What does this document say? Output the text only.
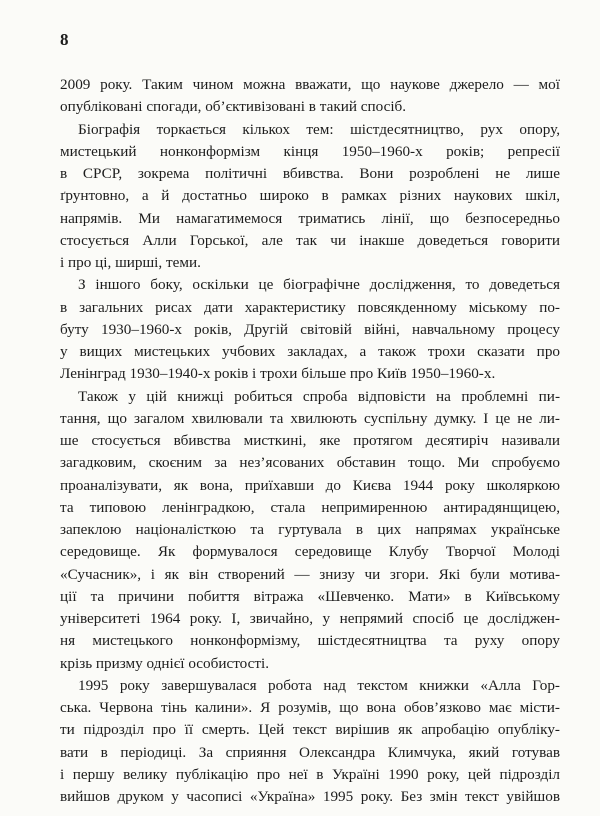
8
2009 року. Таким чином можна вважати, що наукове джерело — мої
опубліковані спогади, об’єктивізовані в такий спосіб.
Біографія торкається кількох тем: шістдесятництво, рух опору,
мистецький нонконформізм кінця 1950–1960-х років; репресії
в СРСР, зокрема політичні вбивства. Вони розроблені не лише
ґрунтовно, а й достатньо широко в рамках різних наукових шкіл,
напрямів. Ми намагатимемося триматись лінії, що безпосередньо
стосується Алли Горської, але так чи інакше доведеться говорити
і про ці, ширші, теми.
З іншого боку, оскільки це біографічне дослідження, то доведеться
в загальних рисах дати характеристику повсякденному міському по-
буту 1930–1960-х років, Другій світовій війні, навчальному процесу
у вищих мистецьких учбових закладах, а також трохи сказати про
Ленінград 1930–1940-х років і трохи більше про Київ 1950–1960-х.
Також у цій книжці робиться спроба відповісти на проблемні пи-
тання, що загалом хвилювали та хвилюють суспільну думку. І це не ли-
ше стосується вбивства мисткині, яке протягом десятиріч називали
загадковим, скоєним за нез’ясованих обставин тощо. Ми спробуємо
проаналізувати, як вона, приїхавши до Києва 1944 року школяркою
та типовою ленінградкою, стала непримиренною антирадянщицею,
запеклою націоналісткою та гуртувала в цих напрямах українське
середовище. Як формувалося середовище Клубу Творчої Молоді
«Сучасник», і як він створений — знизу чи згори. Які були мотива-
ції та причини побиття вітража «Шевченко. Мати» в Київському
університеті 1964 року. І, звичайно, у непрямий спосіб це досліджен-
ня мистецького нонконформізму, шістдесятництва та руху опору
крізь призму однієї особистості.
1995 року завершувалася робота над текстом книжки «Алла Гор-
ська. Червона тінь калини». Я розумів, що вона обов’язково має місти-
ти підрозділ про її смерть. Цей текст вирішив як апробацію опубліку-
вати в періодиці. За сприяння Олександра Климчука, який готував
і першу велику публікацію про неї в Україні 1990 року, цей підрозділ
вийшов друком у часописі «Україна» 1995 року. Без змін текст увійшов
